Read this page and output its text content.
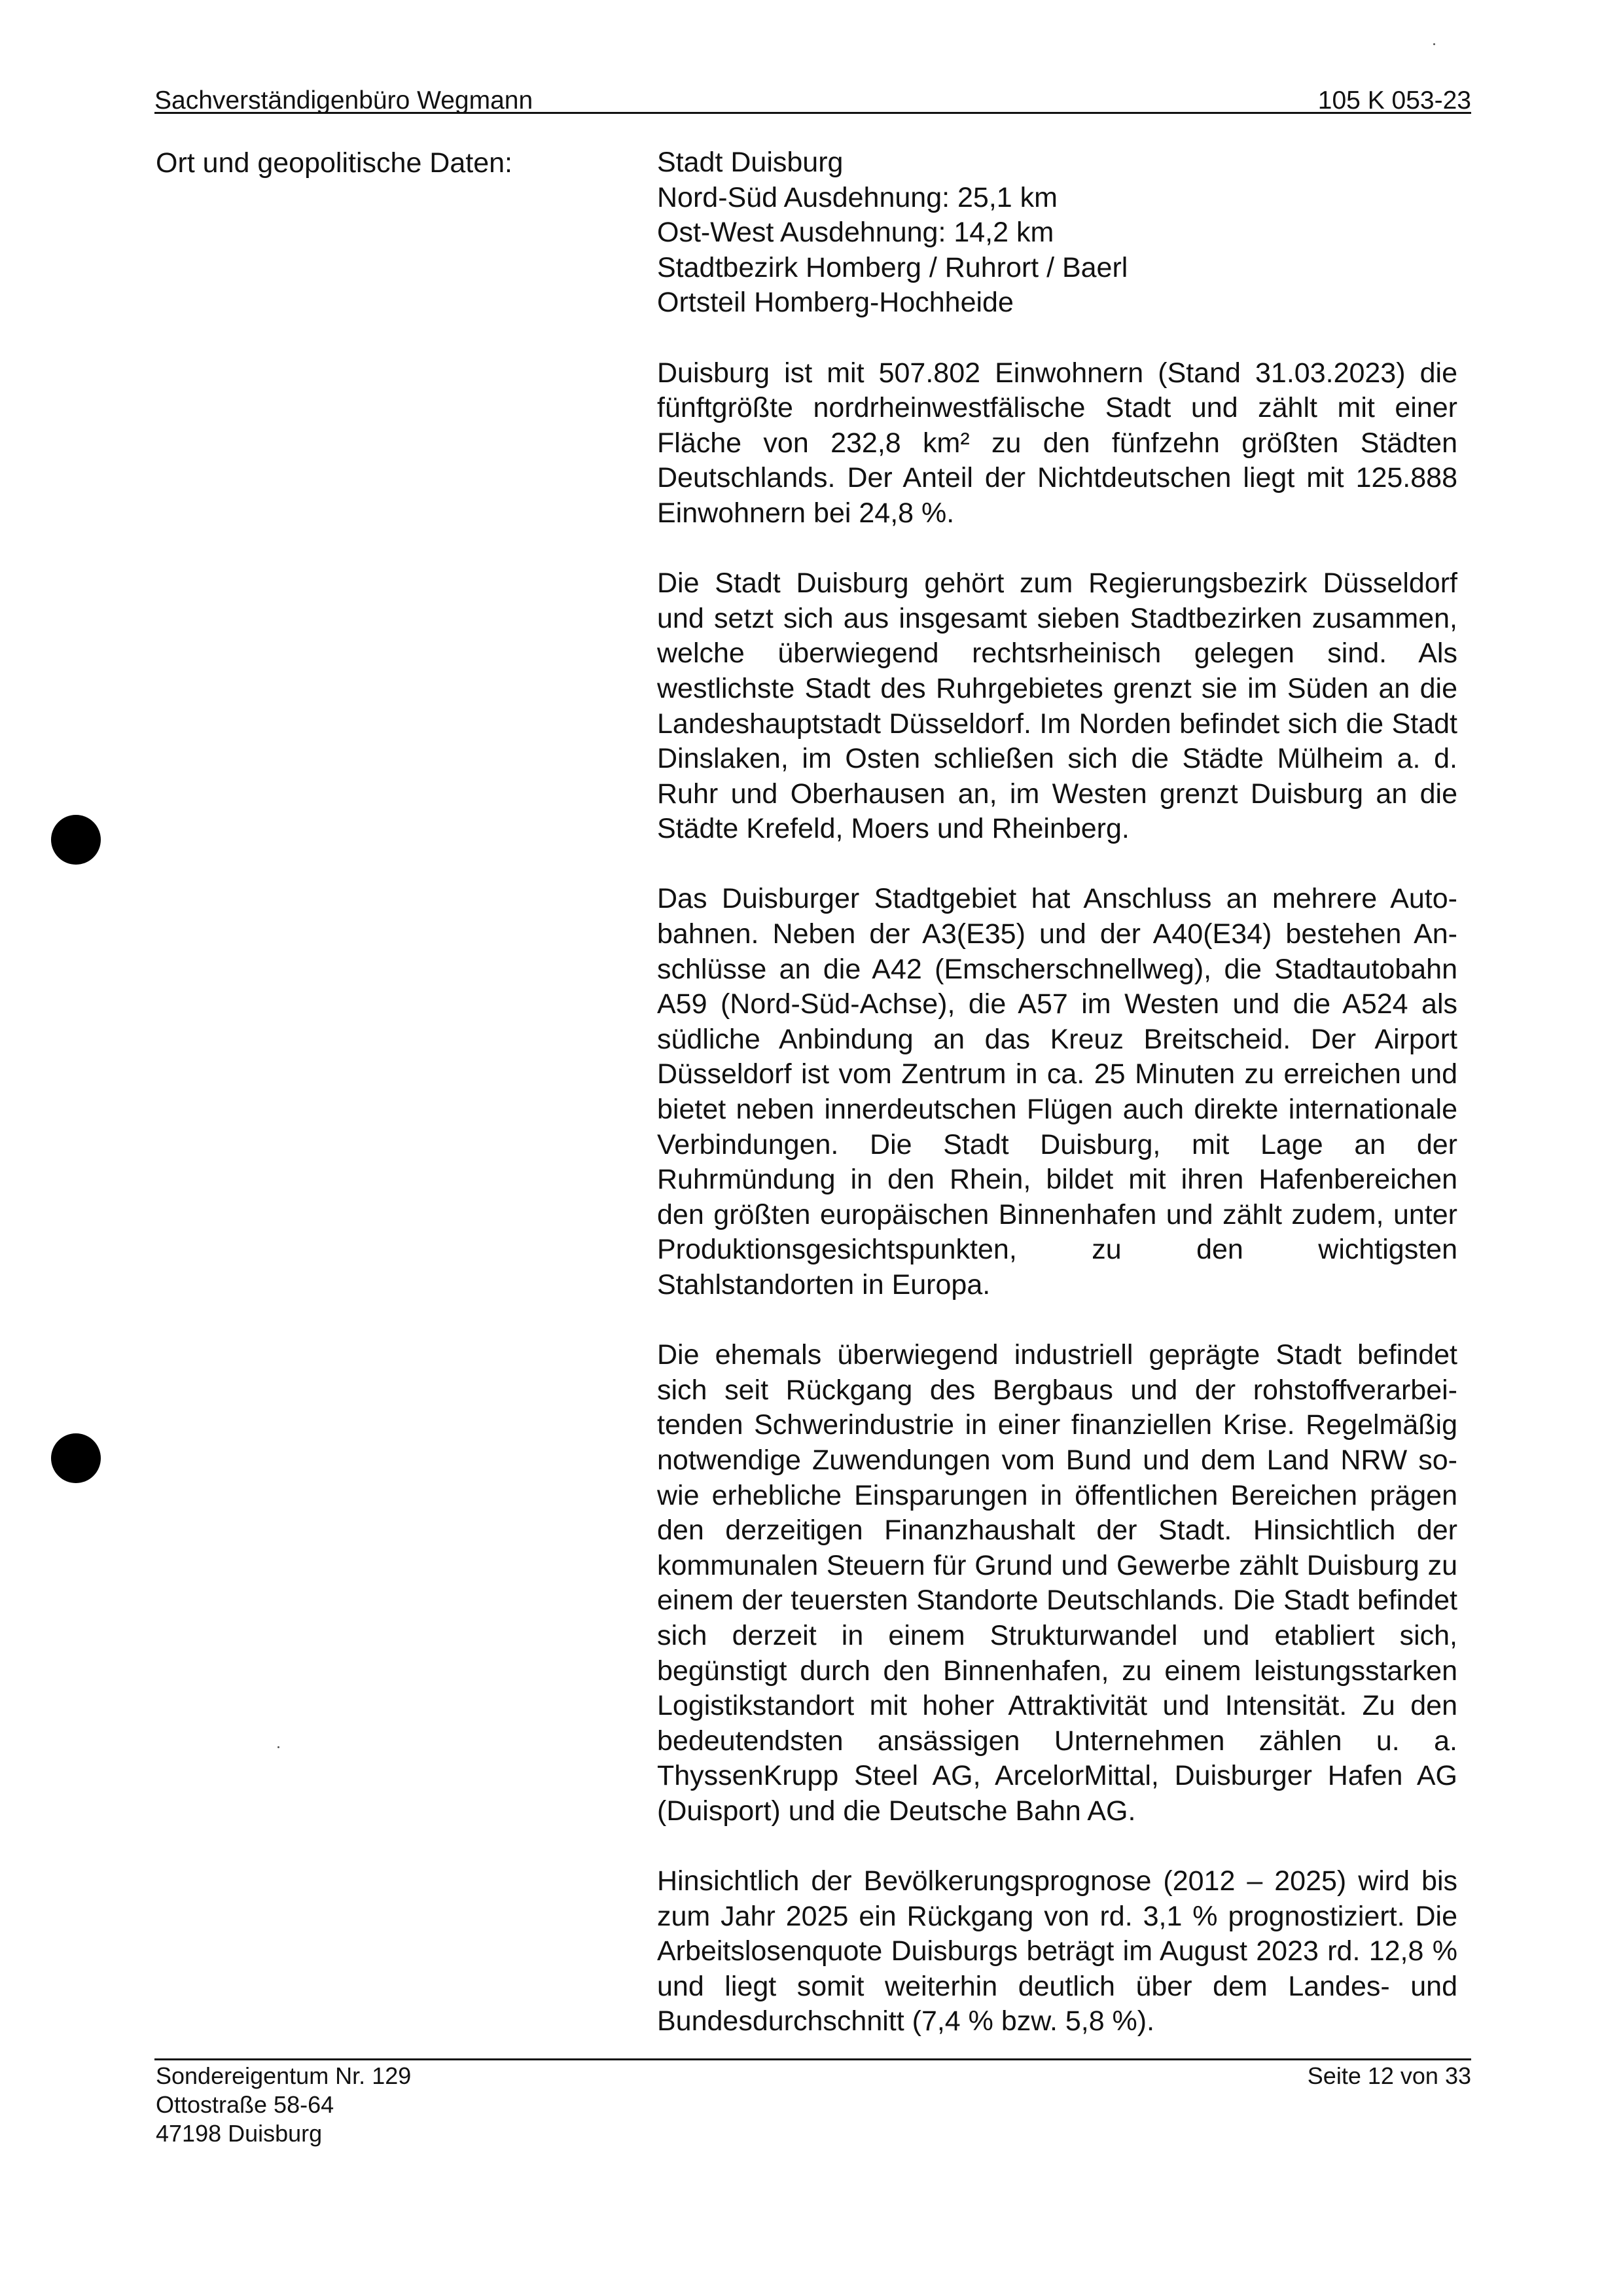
Sachverständigenbüro Wegmann	105 K 053-23
Ort und geopolitische Daten:	Stadt Duisburg
Nord-Süd Ausdehnung: 25,1 km
Ost-West Ausdehnung: 14,2 km
Stadtbezirk Homberg / Ruhrort / Baerl
Ortsteil Homberg-Hochheide

Duisburg ist mit 507.802 Einwohnern (Stand 31.03.2023) die fünftgrößte nordrheinwestfälische Stadt und zählt mit einer Fläche von 232,8 km² zu den fünfzehn größten Städten Deutschlands. Der Anteil der Nichtdeutschen liegt mit 125.888 Einwohnern bei 24,8 %.

Die Stadt Duisburg gehört zum Regierungsbezirk Düsseldorf und setzt sich aus insgesamt sieben Stadtbezirken zusammen, welche überwiegend rechtsrheinisch gelegen sind. Als westlichste Stadt des Ruhrgebietes grenzt sie im Süden an die Landeshauptstadt Düsseldorf. Im Norden befindet sich die Stadt Dinslaken, im Osten schließen sich die Städte Mülheim a. d. Ruhr und Oberhausen an, im Westen grenzt Duisburg an die Städte Krefeld, Moers und Rheinberg.

Das Duisburger Stadtgebiet hat Anschluss an mehrere Autobahnen. Neben der A3(E35) und der A40(E34) bestehen Anschlüsse an die A42 (Emscherschnellweg), die Stadtautobahn A59 (Nord-Süd-Achse), die A57 im Westen und die A524 als südliche Anbindung an das Kreuz Breitscheid. Der Airport Düsseldorf ist vom Zentrum in ca. 25 Minuten zu erreichen und bietet neben innerdeutschen Flügen auch direkte internationale Verbindungen. Die Stadt Duisburg, mit Lage an der Ruhrmündung in den Rhein, bildet mit ihren Hafenbereichen den größten europäischen Binnenhafen und zählt zudem, unter Produktionsgesichtspunkten, zu den wichtigsten Stahlstandorten in Europa.

Die ehemals überwiegend industriell geprägte Stadt befindet sich seit Rückgang des Bergbaus und der rohstoffverarbeitenden Schwerindustrie in einer finanziellen Krise. Regelmäßig notwendige Zuwendungen vom Bund und dem Land NRW so-wie erhebliche Einsparungen in öffentlichen Bereichen prägen den derzeitigen Finanzhaushalt der Stadt. Hinsichtlich der kommunalen Steuern für Grund und Gewerbe zählt Duisburg zu einem der teuersten Standorte Deutschlands. Die Stadt befindet sich derzeit in einem Strukturwandel und etabliert sich, begünstigt durch den Binnenhafen, zu einem leistungsstarken Logistikstandort mit hoher Attraktivität und Intensität. Zu den bedeutendsten ansässigen Unternehmen zählen u. a. ThyssenKrupp Steel AG, ArcelorMittal, Duisburger Hafen AG (Duisport) und die Deutsche Bahn AG.

Hinsichtlich der Bevölkerungsprognose (2012 – 2025) wird bis zum Jahr 2025 ein Rückgang von rd. 3,1 % prognostiziert. Die Arbeitslosenquote Duisburgs beträgt im August 2023 rd. 12,8 % und liegt somit weiterhin deutlich über dem Landes- und Bundesdurchschnitt (7,4 % bzw. 5,8 %).

Sondereigentum Nr. 129
Ottostraße 58-64
47198 Duisburg
Seite 12 von 33
